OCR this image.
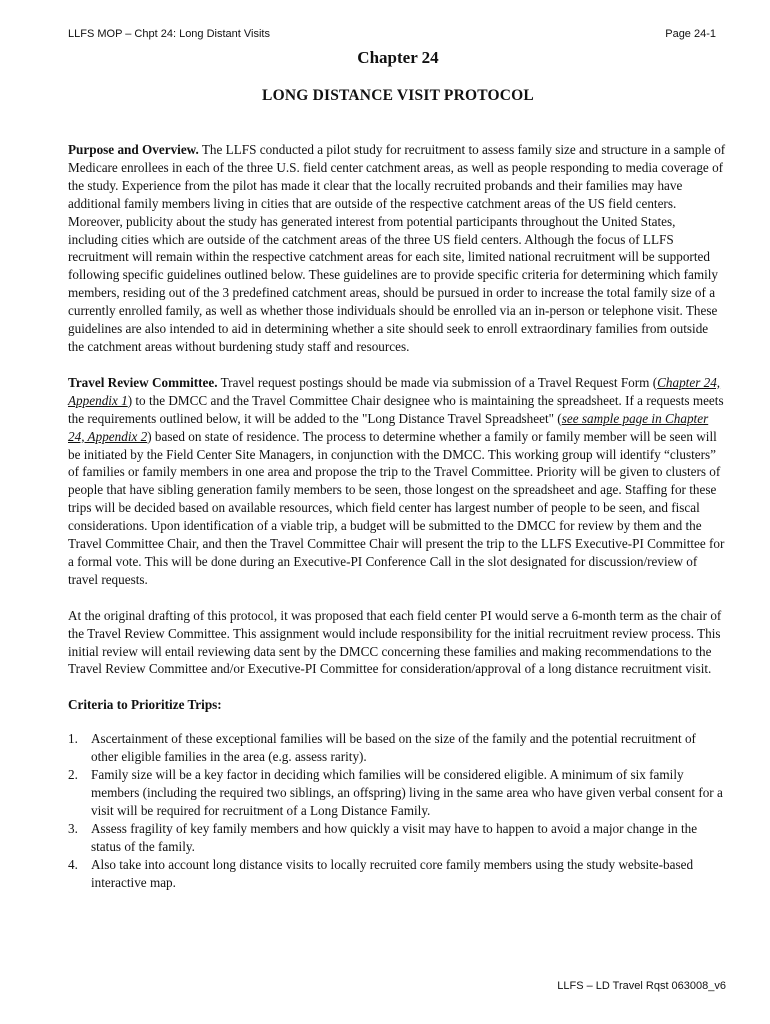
LLFS MOP – Chpt 24: Long Distant Visits	Page 24-1
Chapter 24
LONG DISTANCE VISIT PROTOCOL

Purpose and Overview. The LLFS conducted a pilot study for recruitment to assess family size and structure in a sample of Medicare enrollees in each of the three U.S. field center catchment areas, as well as people responding to media coverage of the study. Experience from the pilot has made it clear that the locally recruited probands and their families may have additional family members living in cities that are outside of the respective catchment areas of the US field centers. Moreover, publicity about the study has generated interest from potential participants throughout the United States, including cities which are outside of the catchment areas of the three US field centers. Although the focus of LLFS recruitment will remain within the respective catchment areas for each site, limited national recruitment will be supported following specific guidelines outlined below. These guidelines are to provide specific criteria for determining which family members, residing out of the 3 predefined catchment areas, should be pursued in order to increase the total family size of a currently enrolled family, as well as whether those individuals should be enrolled via an in-person or telephone visit. These guidelines are also intended to aid in determining whether a site should seek to enroll extraordinary families from outside the catchment areas without burdening study staff and resources.

Travel Review Committee. Travel request postings should be made via submission of a Travel Request Form (Chapter 24, Appendix 1) to the DMCC and the Travel Committee Chair designee who is maintaining the spreadsheet. If a requests meets the requirements outlined below, it will be added to the "Long Distance Travel Spreadsheet" (see sample page in Chapter 24, Appendix 2) based on state of residence. The process to determine whether a family or family member will be seen will be initiated by the Field Center Site Managers, in conjunction with the DMCC. This working group will identify “clusters” of families or family members in one area and propose the trip to the Travel Committee. Priority will be given to clusters of people that have sibling generation family members to be seen, those longest on the spreadsheet and age. Staffing for these trips will be decided based on available resources, which field center has largest number of people to be seen, and fiscal considerations. Upon identification of a viable trip, a budget will be submitted to the DMCC for review by them and the Travel Committee Chair, and then the Travel Committee Chair will present the trip to the LLFS Executive-PI Committee for a formal vote. This will be done during an Executive-PI Conference Call in the slot designated for discussion/review of travel requests.

At the original drafting of this protocol, it was proposed that each field center PI would serve a 6-month term as the chair of the Travel Review Committee. This assignment would include responsibility for the initial recruitment review process. This initial review will entail reviewing data sent by the DMCC concerning these families and making recommendations to the Travel Review Committee and/or Executive-PI Committee for consideration/approval of a long distance recruitment visit.

Criteria to Prioritize Trips:
1. Ascertainment of these exceptional families will be based on the size of the family and the potential recruitment of other eligible families in the area (e.g. assess rarity).
2. Family size will be a key factor in deciding which families will be considered eligible. A minimum of six family members (including the required two siblings, an offspring) living in the same area who have given verbal consent for a visit will be required for recruitment of a Long Distance Family.
3. Assess fragility of key family members and how quickly a visit may have to happen to avoid a major change in the status of the family.
4. Also take into account long distance visits to locally recruited core family members using the study website-based interactive map.
LLFS – LD Travel Rqst 063008_v6
